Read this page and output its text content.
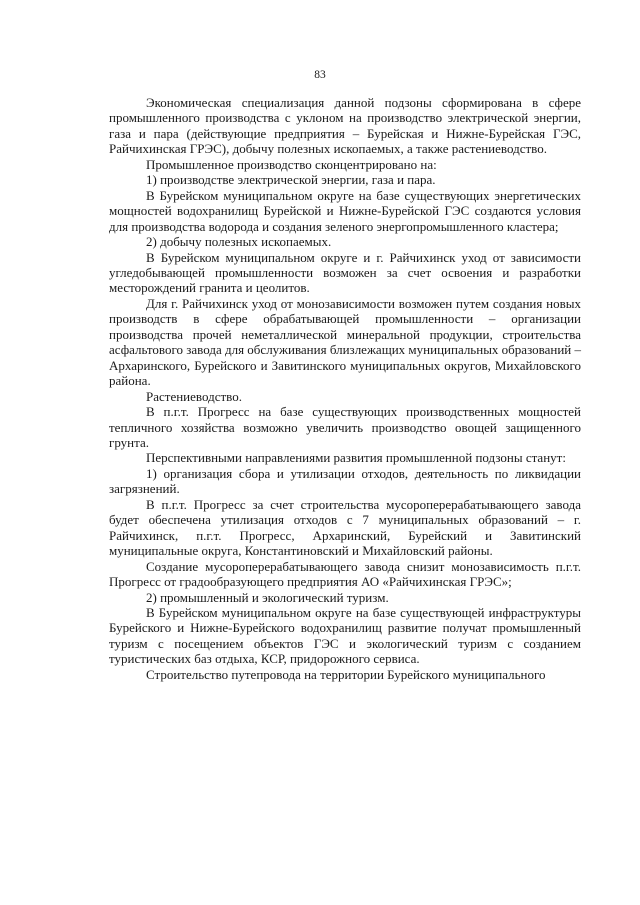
83

Экономическая специализация данной подзоны сформирована в сфере промышленного производства с уклоном на производство электрической энергии, газа и пара (действующие предприятия – Бурейская и Нижне-Бурейская ГЭС, Райчихинская ГРЭС), добычу полезных ископаемых, а также растениеводство.

Промышленное производство сконцентрировано на:

1) производстве электрической энергии, газа и пара.

В Бурейском муниципальном округе на базе существующих энергетических мощностей водохранилищ Бурейской и Нижне-Бурейской ГЭС создаются условия для производства водорода и создания зеленого энергопромышленного кластера;

2) добычу полезных ископаемых.

В Бурейском муниципальном округе и г. Райчихинск уход от зависимости угледобывающей промышленности возможен за счет освоения и разработки месторождений гранита и цеолитов.

Для г. Райчихинск уход от монозависимости возможен путем создания новых производств в сфере обрабатывающей промышленности – организации производства прочей неметаллической минеральной продукции, строительства асфальтового завода для обслуживания близлежащих муниципальных образований – Архаринского, Бурейского и Завитинского муниципальных округов, Михайловского района.

Растениеводство.

В п.г.т. Прогресс на базе существующих производственных мощностей тепличного хозяйства возможно увеличить производство овощей защищенного грунта.

Перспективными направлениями развития промышленной подзоны станут:

1) организация сбора и утилизации отходов, деятельность по ликвидации загрязнений.

В п.г.т. Прогресс за счет строительства мусороперерабатывающего завода будет обеспечена утилизация отходов с 7 муниципальных образований – г. Райчихинск, п.г.т. Прогресс, Архаринский, Бурейский и Завитинский муниципальные округа, Константиновский и Михайловский районы.

Создание мусороперерабатывающего завода снизит монозависимость п.г.т. Прогресс от градообразующего предприятия АО «Райчихинская ГРЭС»;

2) промышленный и экологический туризм.

В Бурейском муниципальном округе на базе существующей инфраструктуры Бурейского и Нижне-Бурейского водохранилищ развитие получат промышленный туризм с посещением объектов ГЭС и экологический туризм с созданием туристических баз отдыха, КСР, придорожного сервиса.

Строительство путепровода на территории Бурейского муниципального
